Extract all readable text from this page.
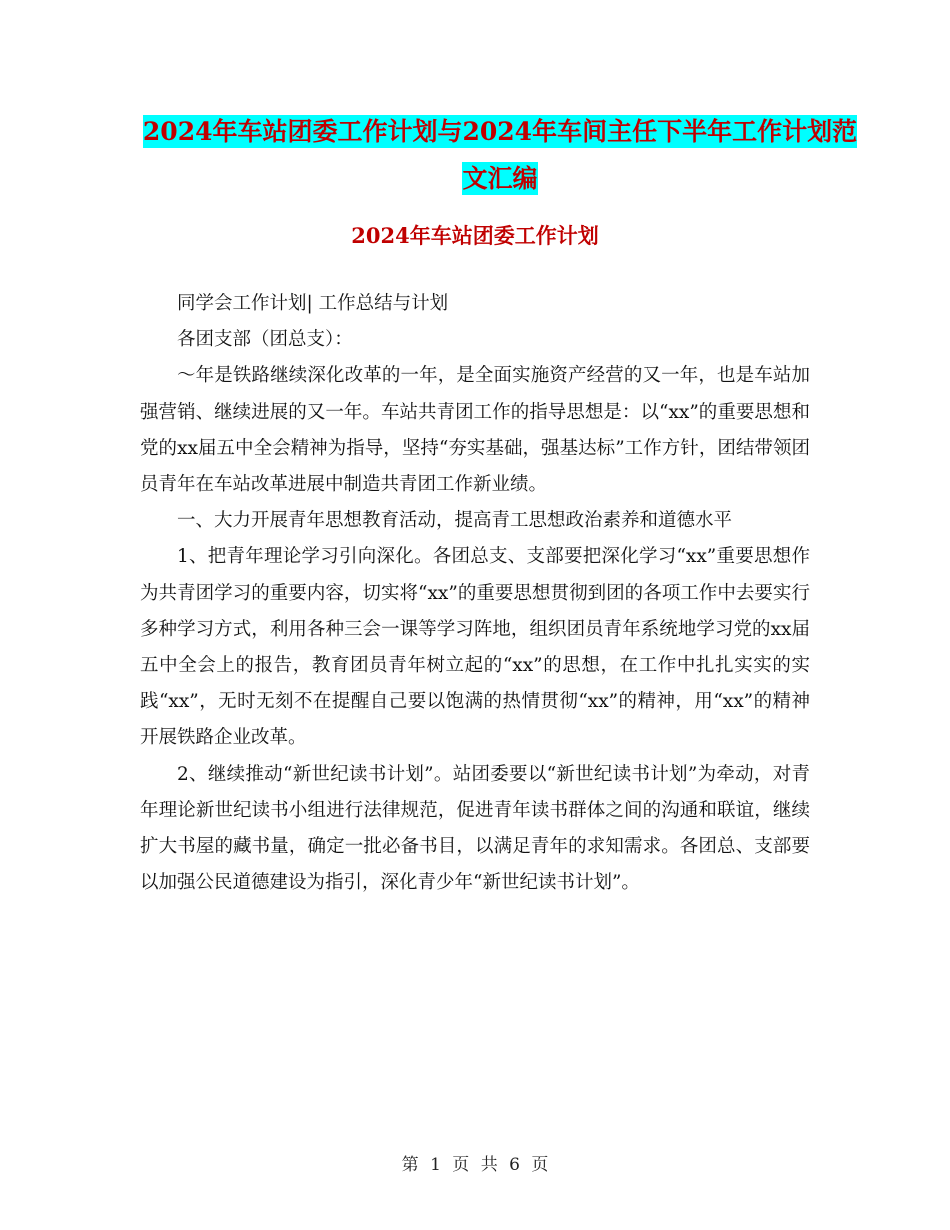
2024年车站团委工作计划与2024年车间主任下半年工作计划范文汇编
2024年车站团委工作计划

同学会工作计划| 工作总结与计划

各团支部（团总支）：

～年是铁路继续深化改革的一年，是全面实施资产经营的又一年，也是车站加强营销、继续进展的又一年。车站共青团工作的指导思想是：以“xx”的重要思想和党的xx届五中全会精神为指导，坚持“夯实基础，强基达标”工作方针，团结带领团员青年在车站改革进展中制造共青团工作新业绩。

一、大力开展青年思想教育活动，提高青工思想政治素养和道德水平

1、把青年理论学习引向深化。各团总支、支部要把深化学习“xx”重要思想作为共青团学习的重要内容，切实将“xx”的重要思想贯彻到团的各项工作中去要实行多种学习方式，利用各种三会一课等学习阵地，组织团员青年系统地学习党的xx届五中全会上的报告，教育团员青年树立起的“xx”的思想，在工作中扎扎实实的实践“xx”，无时无刻不在提醒自己要以饱满的热情贯彻“xx”的精神，用“xx”的精神开展铁路企业改革。

2、继续推动“新世纪读书计划”。站团委要以“新世纪读书计划”为牵动，对青年理论新世纪读书小组进行法律规范，促进青年读书群体之间的沟通和联谊，继续扩大书屋的藏书量，确定一批必备书目，以满足青年的求知需求。各团总、支部要以加强公民道德建设为指引，深化青少年“新世纪读书计划”。

第 1 页 共 6 页
